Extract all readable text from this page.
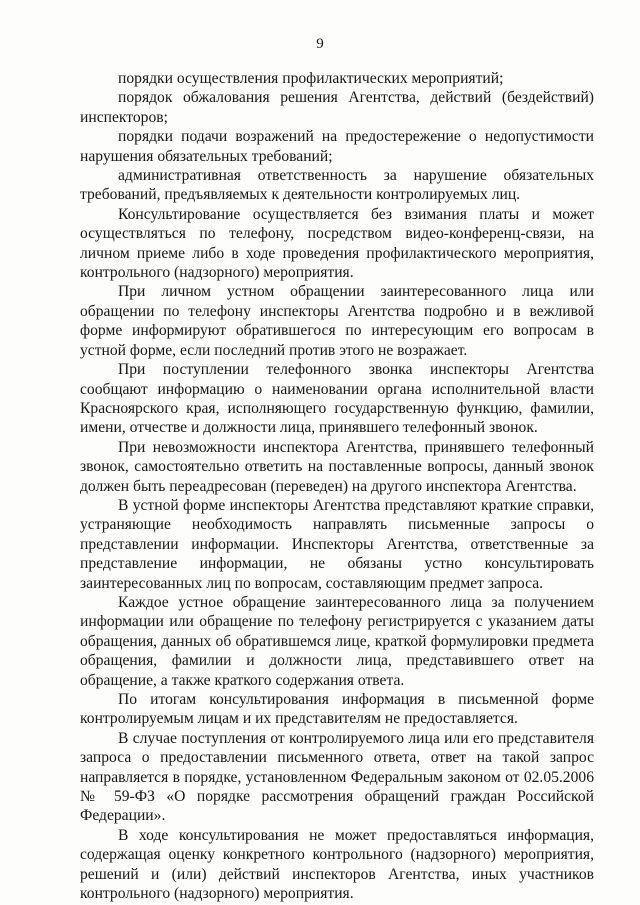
9

порядки осуществления профилактических мероприятий;

порядок обжалования решения Агентства, действий (бездействий) инспекторов;

порядки подачи возражений на предостережение о недопустимости нарушения обязательных требований;

административная ответственность за нарушение обязательных требований, предъявляемых к деятельности контролируемых лиц.

Консультирование осуществляется без взимания платы и может осуществляться по телефону, посредством видео-конференц-связи, на личном приеме либо в ходе проведения профилактического мероприятия, контрольного (надзорного) мероприятия.

При личном устном обращении заинтересованного лица или обращении по телефону инспекторы Агентства подробно и в вежливой форме информируют обратившегося по интересующим его вопросам в устной форме, если последний против этого не возражает.

При поступлении телефонного звонка инспекторы Агентства сообщают информацию о наименовании органа исполнительной власти Красноярского края, исполняющего государственную функцию, фамилии, имени, отчестве и должности лица, принявшего телефонный звонок.

При невозможности инспектора Агентства, принявшего телефонный звонок, самостоятельно ответить на поставленные вопросы, данный звонок должен быть переадресован (переведен) на другого инспектора Агентства.

В устной форме инспекторы Агентства представляют краткие справки, устраняющие необходимость направлять письменные запросы о представлении информации. Инспекторы Агентства, ответственные за представление информации, не обязаны устно консультировать заинтересованных лиц по вопросам, составляющим предмет запроса.

Каждое устное обращение заинтересованного лица за получением информации или обращение по телефону регистрируется с указанием даты обращения, данных об обратившемся лице, краткой формулировки предмета обращения, фамилии и должности лица, представившего ответ на обращение, а также краткого содержания ответа.

По итогам консультирования информация в письменной форме контролируемым лицам и их представителям не предоставляется.

В случае поступления от контролируемого лица или его представителя запроса о предоставлении письменного ответа, ответ на такой запрос направляется в порядке, установленном Федеральным законом от 02.05.2006 № 59-ФЗ «О порядке рассмотрения обращений граждан Российской Федерации».

В ходе консультирования не может предоставляться информация, содержащая оценку конкретного контрольного (надзорного) мероприятия, решений и (или) действий инспекторов Агентства, иных участников контрольного (надзорного) мероприятия.
